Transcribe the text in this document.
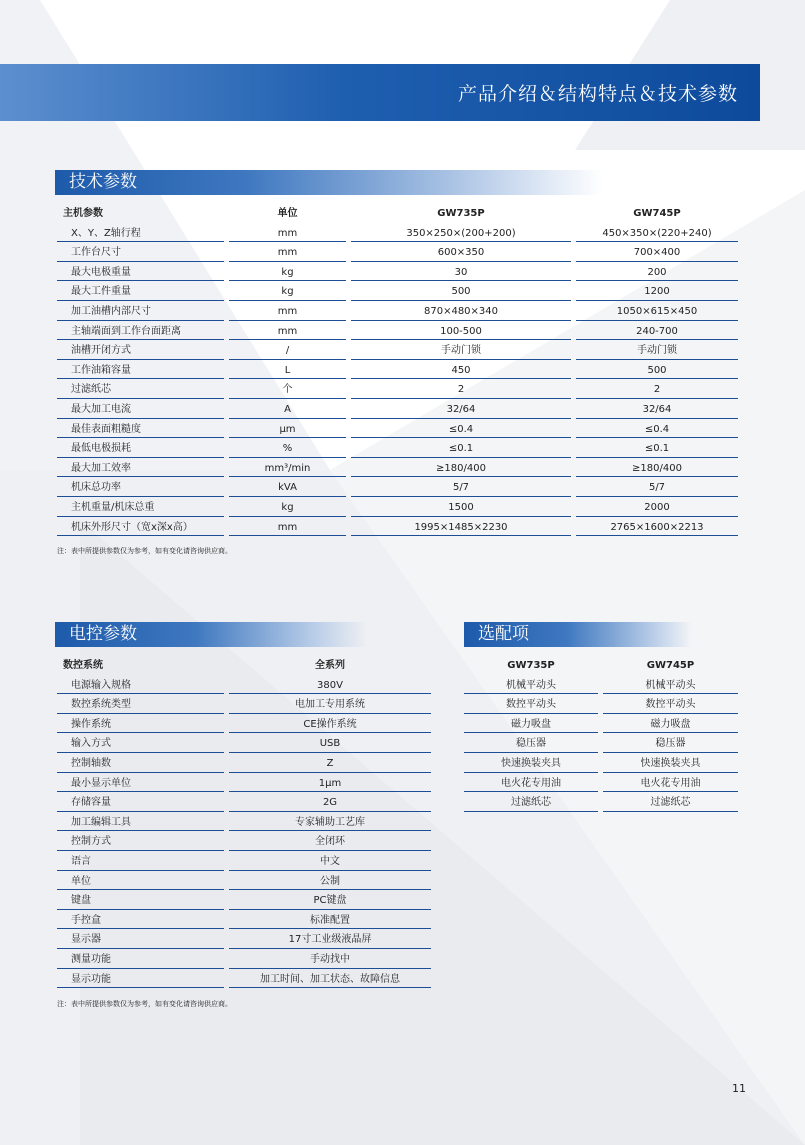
产品介绍＆结构特点＆技术参数
技术参数
主机参数	单位	GW735P	GW745P
X、Y、Z轴行程	mm	350×250×(200+200)	450×350×(220+240)
工作台尺寸	mm	600×350	700×400
最大电极重量	kg	30	200
最大工件重量	kg	500	1200
加工油槽内部尺寸	mm	870×480×340	1050×615×450
主轴端面到工作台面距离	mm	100-500	240-700
油槽开闭方式	/	手动门锁	手动门锁
工作油箱容量	L	450	500
过滤纸芯	个	2	2
最大加工电流	A	32/64	32/64
最佳表面粗糙度	μm	≤0.4	≤0.4
最低电极损耗	%	≤0.1	≤0.1
最大加工效率	mm³/min	≥180/400	≥180/400
机床总功率	kVA	5/7	5/7
主机重量/机床总重	kg	1500	2000
机床外形尺寸（宽x深x高）	mm	1995×1485×2230	2765×1600×2213
注：表中所提供参数仅为参考，如有变化请咨询供应商。
电控参数
数控系统	全系列
电源输入规格	380V
数控系统类型	电加工专用系统
操作系统	CE操作系统
输入方式	USB
控制轴数	Z
最小显示单位	1μm
存储容量	2G
加工编辑工具	专家辅助工艺库
控制方式	全闭环
语言	中文
单位	公制
键盘	PC键盘
手控盒	标准配置
显示器	17寸工业级液晶屏
测量功能	手动找中
显示功能	加工时间、加工状态、故障信息
注：表中所提供参数仅为参考，如有变化请咨询供应商。
选配项
GW735P	GW745P
机械平动头	机械平动头
数控平动头	数控平动头
磁力吸盘	磁力吸盘
稳压器	稳压器
快速换装夹具	快速换装夹具
电火花专用油	电火花专用油
过滤纸芯	过滤纸芯
11
